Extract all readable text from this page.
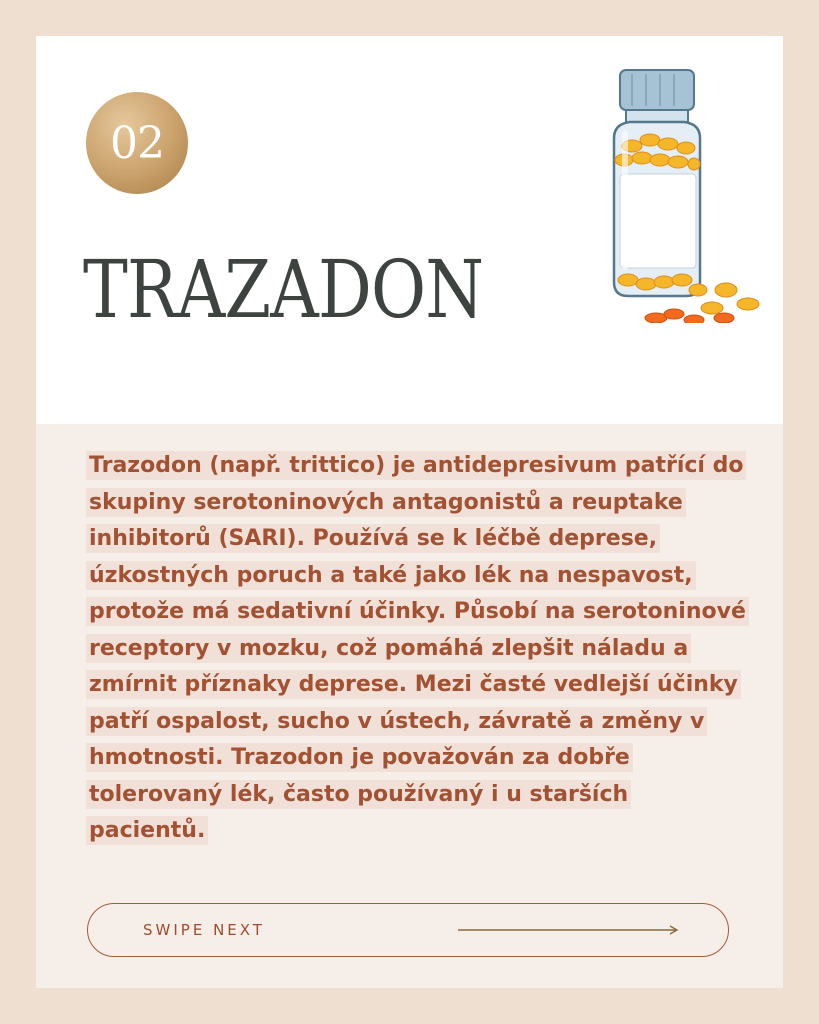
02
TRAZADON

Trazodon (např. trittico) je antidepresivum patřící do skupiny serotoninových antagonistů a reuptake inhibitorů (SARI). Používá se k léčbě deprese, úzkostných poruch a také jako lék na nespavost, protože má sedativní účinky. Působí na serotoninové receptory v mozku, což pomáhá zlepšit náladu a zmírnit příznaky deprese. Mezi časté vedlejší účinky patří ospalost, sucho v ústech, závratě a změny v hmotnosti. Trazodon je považován za dobře tolerovaný lék, často používaný i u starších pacientů.

SWIPE NEXT
